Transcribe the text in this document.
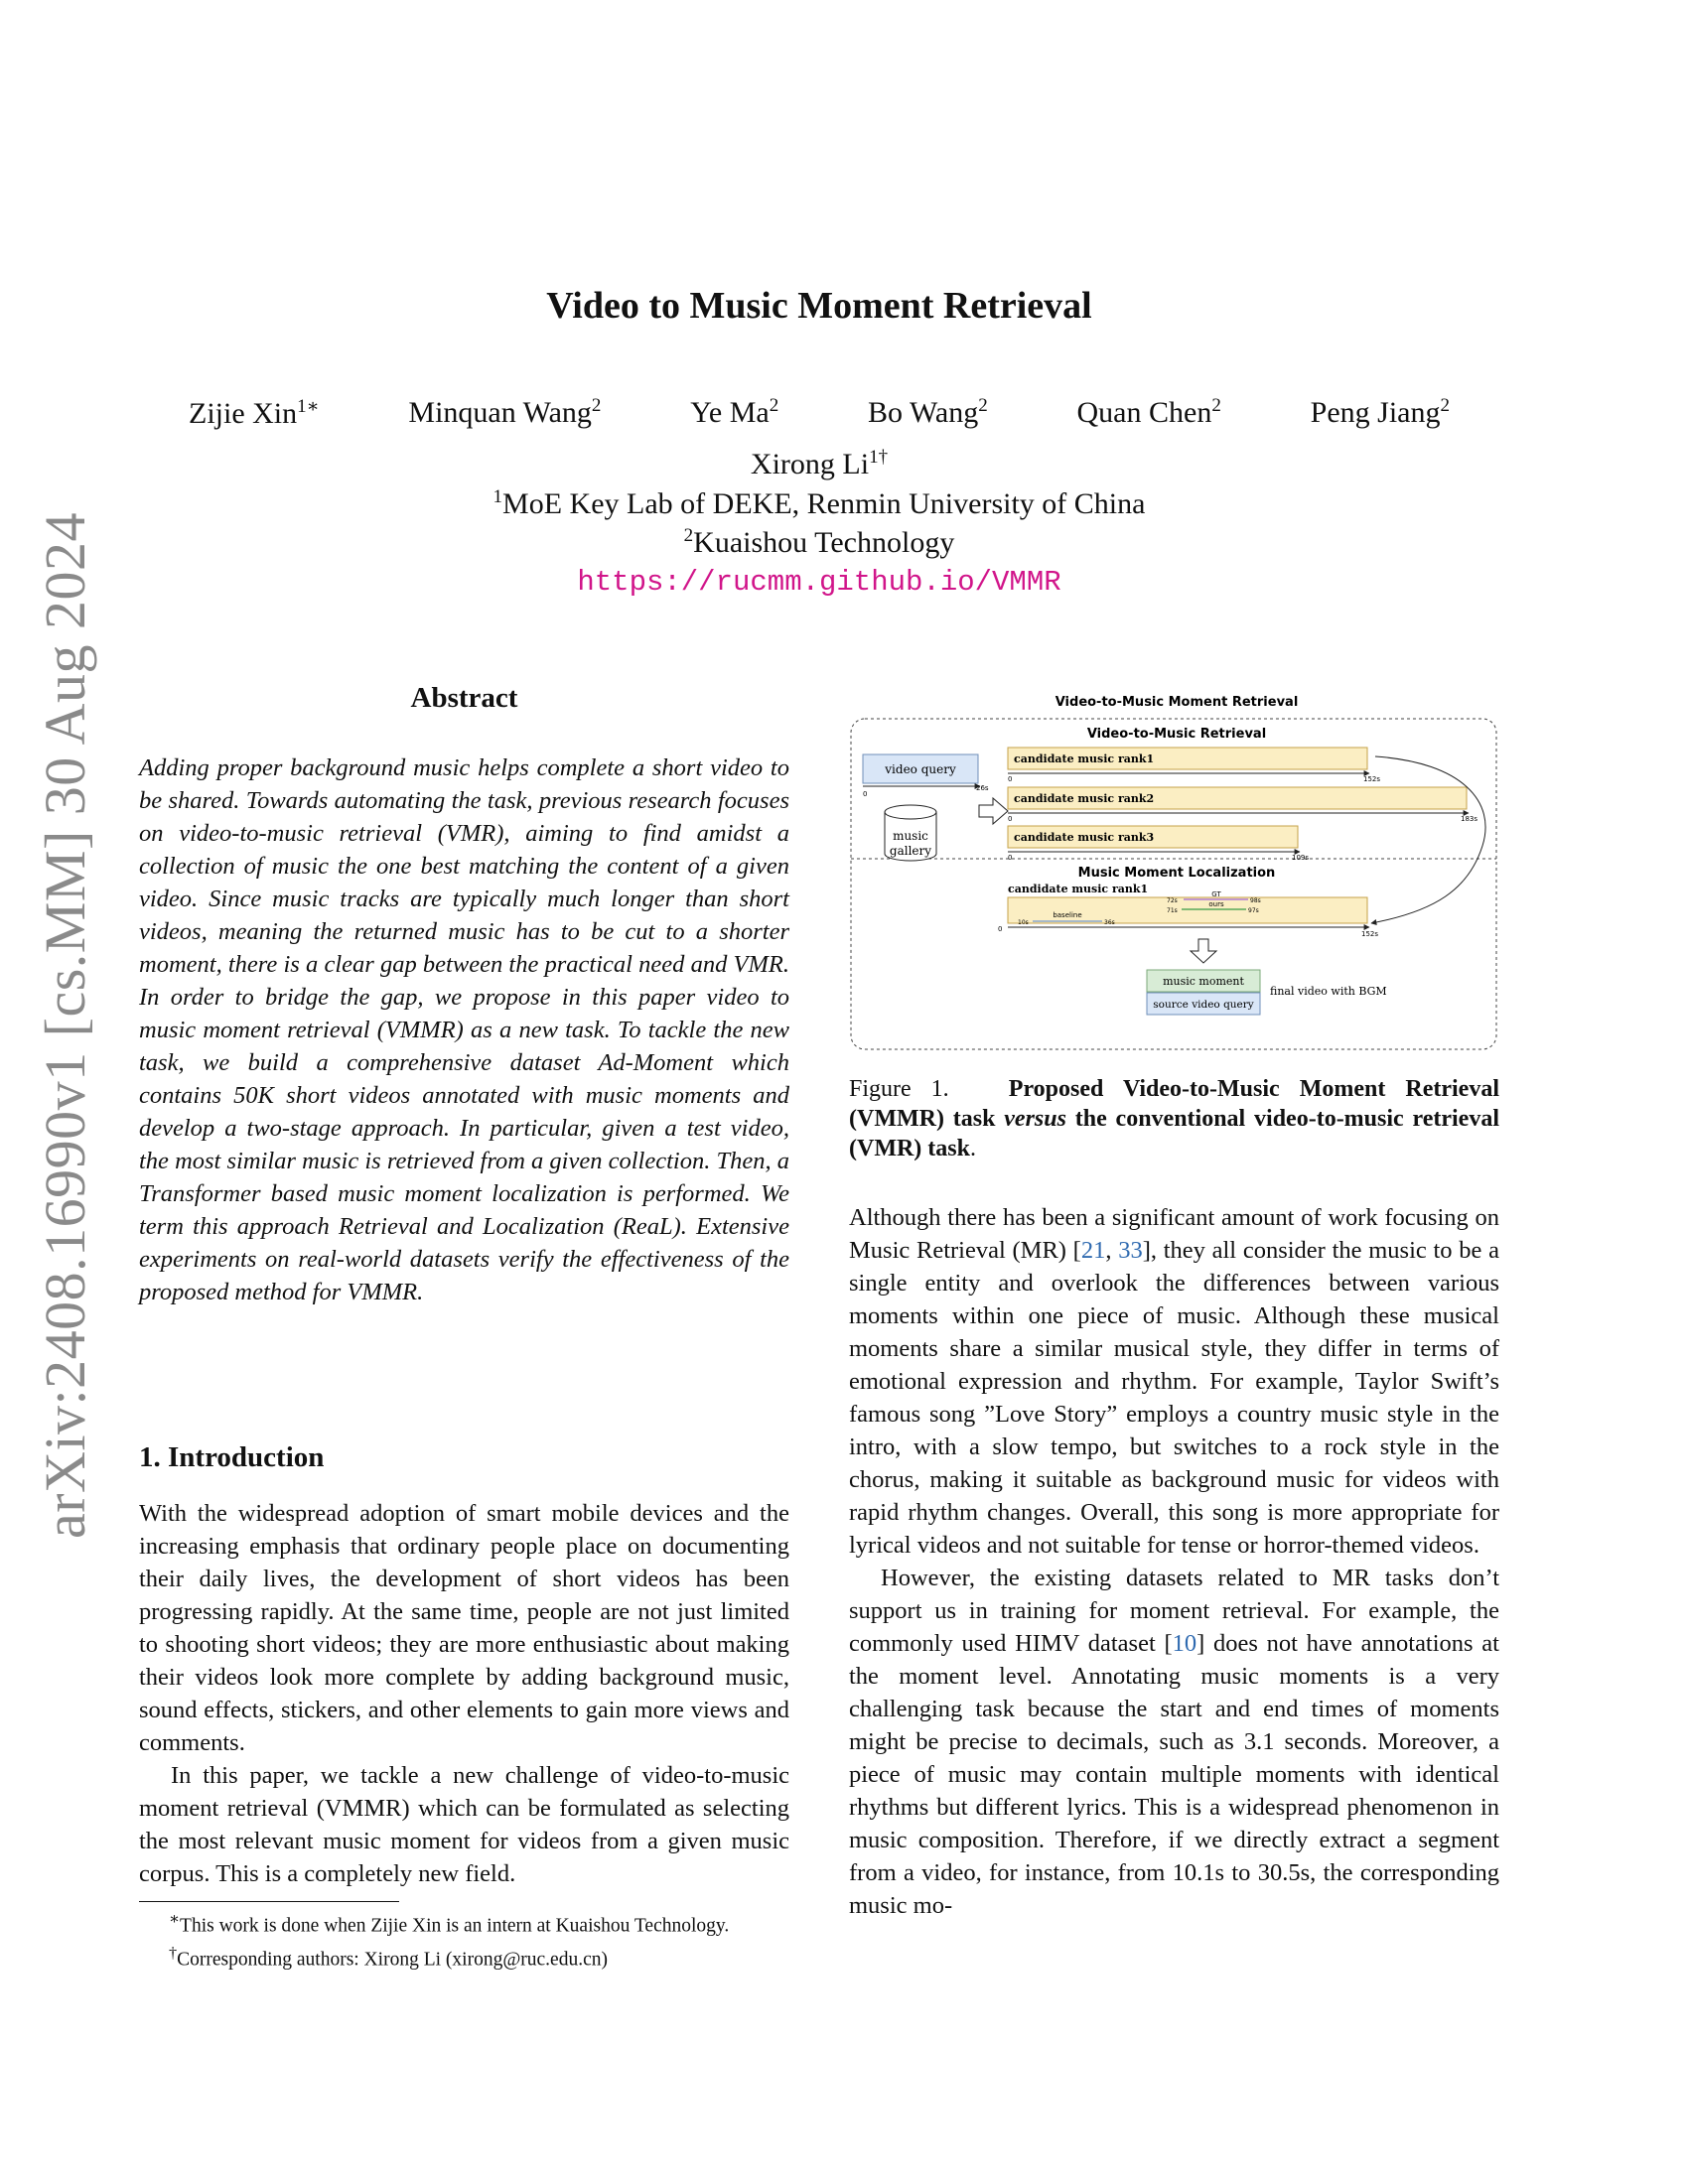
arXiv:2408.16990v1 [cs.MM] 30 Aug 2024
Video to Music Moment Retrieval
Zijie Xin$^{1∗}$	Minquan Wang$^2$	Ye Ma$^2$	Bo Wang$^2$	Quan Chen$^2$	Peng Jiang$^2$
Xirong $Li^{1\dagger}$
$^1$MoE Key Lab of DEKE, Renmin University of China
$^2$Kuaishou Technology
https://rucmm.github.io/VMMR
Abstract
Adding proper background music helps complete a short video to be shared. Towards automating the task, previous research focuses on video-to-music retrieval (VMR), aiming to find amidst a collection of music the one best matching the content of a given video. Since music tracks are typically much longer than short videos, meaning the returned music has to be cut to a shorter moment, there is a clear gap between the practical need and VMR. In order to bridge the gap, we propose in this paper video to music moment retrieval (VMMR) as a new task. To tackle the new task, we build a comprehensive dataset Ad-Moment which contains 50K short videos annotated with music moments and develop a two-stage approach. In particular, given a test video, the most similar music is retrieved from a given collection. Then, a Transformer based music moment localization is performed. We term this approach Retrieval and Localization (ReaL). Extensive experiments on real-world datasets verify the effectiveness of the proposed method for VMMR.
1. Introduction

With the widespread adoption of smart mobile devices and the increasing emphasis that ordinary people place on documenting their daily lives, the development of short videos has been progressing rapidly. At the same time, people are not just limited to shooting short videos; they are more enthusiastic about making their videos look more complete by adding background music, sound effects, stickers, and other elements to gain more views and comments.

In this paper, we tackle a new challenge of video-to-music moment retrieval (VMMR) which can be formulated as selecting the most relevant music moment for videos from a given music corpus. This is a completely new field.

∗This work is done when Zijie Xin is an intern at Kuaishou Technology.
†Corresponding authors: Xirong Li (xirong@ruc.edu.cn)
Video-to-Music Moment Retrieval
Video-to-Music Retrieval
video query
0
26s
music
gallery
candidate music rank1
0	152s
candidate music rank2
0	183s
candidate music rank3
0	109s
Music Moment Localization
candidate music rank1
0
152s
GT
72s	98s
ours
71s	97s
baseline
10s	36s
music moment
source video query
final video with BGM
Figure 1.	Proposed Video-to-Music Moment Retrieval (VMMR) task versus the conventional video-to-music retrieval (VMR) task.

Although there has been a significant amount of work focusing on Music Retrieval (MR) [21, 33], they all consider the music to be a single entity and overlook the differences between various moments within one piece of music. Although these musical moments share a similar musical style, they differ in terms of emotional expression and rhythm. For example, Taylor Swift’s famous song ”Love Story” employs a country music style in the intro, with a slow tempo, but switches to a rock style in the chorus, making it suitable as background music for videos with rapid rhythm changes. Overall, this song is more appropriate for lyrical videos and not suitable for tense or horror-themed videos.

However, the existing datasets related to MR tasks don’t support us in training for moment retrieval. For example, the commonly used HIMV dataset [10] does not have annotations at the moment level. Annotating music moments is a very challenging task because the start and end times of moments might be precise to decimals, such as 3.1 seconds. Moreover, a piece of music may contain multiple moments with identical rhythms but different lyrics. This is a widespread phenomenon in music composition. Therefore, if we directly extract a segment from a video, for instance, from 10.1s to 30.5s, the corresponding music mo-
